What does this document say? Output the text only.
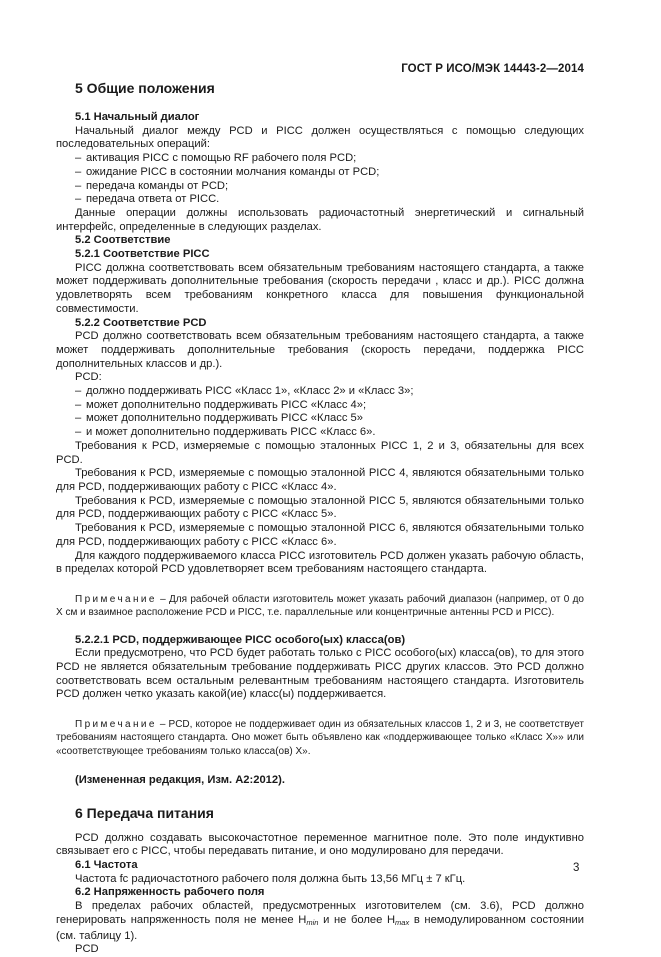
ГОСТ Р ИСО/МЭК 14443-2—2014
5 Общие положения
5.1 Начальный диалог

Начальный диалог между PCD и PICC должен осуществляться с помощью следующих последовательных операций:

– активация PICC с помощью RF рабочего поля PCD;
– ожидание PICC в состоянии молчания команды от PCD;
– передача команды от PCD;
– передача ответа от PICC.

Данные операции должны использовать радиочастотный энергетический и сигнальный интерфейс, определенные в следующих разделах.

5.2 Соответствие
5.2.1 Соответствие PICC

PICC должна соответствовать всем обязательным требованиям настоящего стандарта, а также может поддерживать дополнительные требования (скорость передачи , класс и др.). PICC должна удовлетворять всем требованиям конкретного класса для повышения функциональной совместимости.

5.2.2 Соответствие PCD

PCD должно соответствовать всем обязательным требованиям настоящего стандарта, а также может поддерживать дополнительные требования (скорость передачи, поддержка PICC дополнительных классов и др.).

PCD:

– должно поддерживать PICC «Класс 1», «Класс 2» и «Класс 3»;
– может дополнительно поддерживать PICC «Класс 4»;
– может дополнительно поддерживать PICC «Класс 5»
– и может дополнительно поддерживать PICC «Класс 6».

Требования к PCD, измеряемые с помощью эталонных PICC 1, 2 и 3, обязательны для всех PCD.

Требования к PCD, измеряемые с помощью эталонной PICC 4, являются обязательными только для PCD, поддерживающих работу с PICC «Класс 4».

Требования к PCD, измеряемые с помощью эталонной PICC 5, являются обязательными только для PCD, поддерживающих работу с PICC «Класс 5».

Требования к PCD, измеряемые с помощью эталонной PICC 6, являются обязательными только для PCD, поддерживающих работу с PICC «Класс 6».

Для каждого поддерживаемого класса PICC изготовитель PCD должен указать рабочую область, в пределах которой PCD удовлетворяет всем требованиям настоящего стандарта.

Примечание – Для рабочей области изготовитель может указать рабочий диапазон (например, от 0 до X см и взаимное расположение PCD и PICC, т.е. параллельные или концентричные антенны PCD и PICC).

5.2.2.1 PCD, поддерживающее PICC особого(ых) класса(ов)

Если предусмотрено, что PCD будет работать только с PICC особого(ых) класса(ов), то для этого PCD не является обязательным требование поддерживать PICC других классов. Это PCD должно соответствовать всем остальным релевантным требованиям настоящего стандарта. Изготовитель PCD должен четко указать какой(ие) класс(ы) поддерживается.

Примечание – PCD, которое не поддерживает один из обязательных классов 1, 2 и 3, не соответствует требованиям настоящего стандарта. Оно может быть объявлено как «поддерживающее только «Класс X»» или «соответствующее требованиям только класса(ов) X».

(Измененная редакция, Изм. A2:2012).
6 Передача питания

PCD должно создавать высокочастотное переменное магнитное поле. Это поле индуктивно связывает его с PICC, чтобы передавать питание, и оно модулировано для передачи.

6.1 Частота

Частота fc радиочастотного рабочего поля должна быть 13,56 МГц ± 7 кГц.

6.2 Напряженность рабочего поля

В пределах рабочих областей, предусмотренных изготовителем (см. 3.6), PCD должно генерировать напряженность поля не менее $H_{min}$ и не более $H_{max}$ в немодулированном состоянии (см. таблицу 1).

PCD

3
